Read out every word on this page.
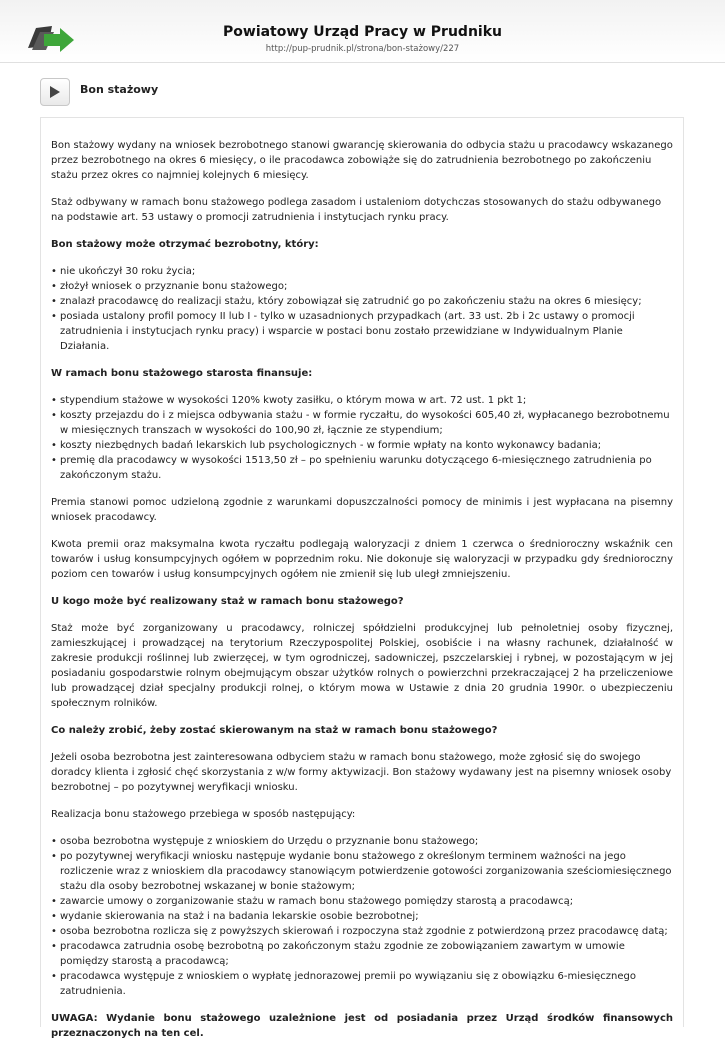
Powiatowy Urząd Pracy w Prudniku
http://pup-prudnik.pl/strona/bon-stażowy/227
Bon stażowy

Bon stażowy wydany na wniosek bezrobotnego stanowi gwarancję skierowania do odbycia stażu u pracodawcy wskazanego przez bezrobotnego na okres 6 miesięcy, o ile pracodawca zobowiąże się do zatrudnienia bezrobotnego po zakończeniu stażu przez okres co najmniej kolejnych 6 miesięcy.

Staż odbywany w ramach bonu stażowego podlega zasadom i ustaleniom dotychczas stosowanych do stażu odbywanego na podstawie art. 53 ustawy o promocji zatrudnienia i instytucjach rynku pracy.

Bon stażowy może otrzymać bezrobotny, który:

• nie ukończył 30 roku życia;
• złożył wniosek o przyznanie bonu stażowego;
• znalazł pracodawcę do realizacji stażu, który zobowiązał się zatrudnić go po zakończeniu stażu na okres 6 miesięcy;
• posiada ustalony profil pomocy II lub I - tylko w uzasadnionych przypadkach (art. 33 ust. 2b i 2c ustawy o promocji zatrudnienia i instytucjach rynku pracy) i wsparcie w postaci bonu zostało przewidziane w Indywidualnym Planie Działania.

W ramach bonu stażowego starosta finansuje:

• stypendium stażowe w wysokości 120% kwoty zasiłku, o którym mowa w art. 72 ust. 1 pkt 1;
• koszty przejazdu do i z miejsca odbywania stażu - w formie ryczałtu, do wysokości 605,40 zł, wypłacanego bezrobotnemu w miesięcznych transzach w wysokości do 100,90 zł, łącznie ze stypendium;
• koszty niezbędnych badań lekarskich lub psychologicznych - w formie wpłaty na konto wykonawcy badania;
• premię dla pracodawcy w wysokości 1513,50 zł – po spełnieniu warunku dotyczącego 6-miesięcznego zatrudnienia po zakończonym stażu.

Premia stanowi pomoc udzieloną zgodnie z warunkami dopuszczalności pomocy de minimis i jest wypłacana na pisemny wniosek pracodawcy.

Kwota premii oraz maksymalna kwota ryczałtu podlegają waloryzacji z dniem 1 czerwca o średnioroczny wskaźnik cen towarów i usług konsumpcyjnych ogółem w poprzednim roku. Nie dokonuje się waloryzacji w przypadku gdy średnioroczny poziom cen towarów i usług konsumpcyjnych ogółem nie zmienił się lub uległ zmniejszeniu.

U kogo może być realizowany staż w ramach bonu stażowego?

Staż może być zorganizowany u pracodawcy, rolniczej spółdzielni produkcyjnej lub pełnoletniej osoby fizycznej, zamieszkującej i prowadzącej na terytorium Rzeczypospolitej Polskiej, osobiście i na własny rachunek, działalność w zakresie produkcji roślinnej lub zwierzęcej, w tym ogrodniczej, sadowniczej, pszczelarskiej i rybnej, w pozostającym w jej posiadaniu gospodarstwie rolnym obejmującym obszar użytków rolnych o powierzchni przekraczającej 2 ha przeliczeniowe lub prowadzącej dział specjalny produkcji rolnej, o którym mowa w Ustawie z dnia 20 grudnia 1990r. o ubezpieczeniu społecznym rolników.

Co należy zrobić, żeby zostać skierowanym na staż w ramach bonu stażowego?

Jeżeli osoba bezrobotna jest zainteresowana odbyciem stażu w ramach bonu stażowego, może zgłosić się do swojego doradcy klienta i zgłosić chęć skorzystania z w/w formy aktywizacji. Bon stażowy wydawany jest na pisemny wniosek osoby bezrobotnej – po pozytywnej weryfikacji wniosku.

Realizacja bonu stażowego przebiega w sposób następujący:

• osoba bezrobotna występuje z wnioskiem do Urzędu o przyznanie bonu stażowego;
• po pozytywnej weryfikacji wniosku następuje wydanie bonu stażowego z określonym terminem ważności na jego rozliczenie wraz z wnioskiem dla pracodawcy stanowiącym potwierdzenie gotowości zorganizowania sześciomiesięcznego stażu dla osoby bezrobotnej wskazanej w bonie stażowym;
• zawarcie umowy o zorganizowanie stażu w ramach bonu stażowego pomiędzy starostą a pracodawcą;
• wydanie skierowania na staż i na badania lekarskie osobie bezrobotnej;
• osoba bezrobotna rozlicza się z powyższych skierowań i rozpoczyna staż zgodnie z potwierdzoną przez pracodawcę datą;
• pracodawca zatrudnia osobę bezrobotną po zakończonym stażu zgodnie ze zobowiązaniem zawartym w umowie pomiędzy starostą a pracodawcą;
• pracodawca występuje z wnioskiem o wypłatę jednorazowej premii po wywiązaniu się z obowiązku 6-miesięcznego zatrudnienia.

UWAGA: Wydanie bonu stażowego uzależnione jest od posiadania przez Urząd środków finansowych przeznaczonych na ten cel.
